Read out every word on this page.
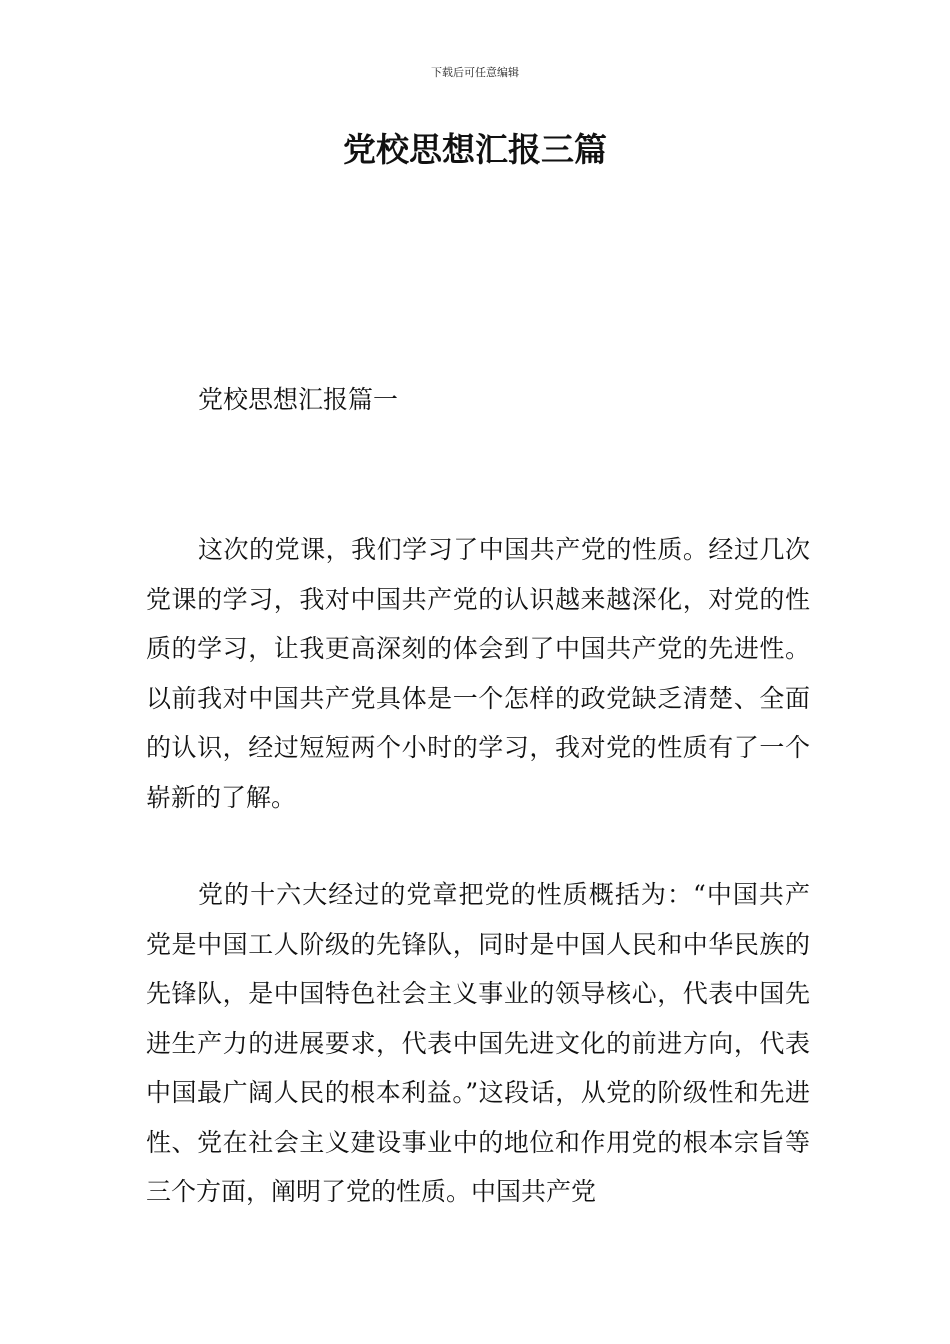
下载后可任意编辑
党校思想汇报三篇
党校思想汇报篇一

这次的党课，我们学习了中国共产党的性质。经过几次党课的学习，我对中国共产党的认识越来越深化，对党的性质的学习，让我更高深刻的体会到了中国共产党的先进性。以前我对中国共产党具体是一个怎样的政党缺乏清楚、全面的认识，经过短短两个小时的学习，我对党的性质有了一个崭新的了解。

党的十六大经过的党章把党的性质概括为：“中国共产党是中国工人阶级的先锋队，同时是中国人民和中华民族的先锋队，是中国特色社会主义事业的领导核心，代表中国先进生产力的进展要求，代表中国先进文化的前进方向，代表中国最广阔人民的根本利益。”这段话，从党的阶级性和先进性、党在社会主义建设事业中的地位和作用党的根本宗旨等三个方面，阐明了党的性质。中国共产党
